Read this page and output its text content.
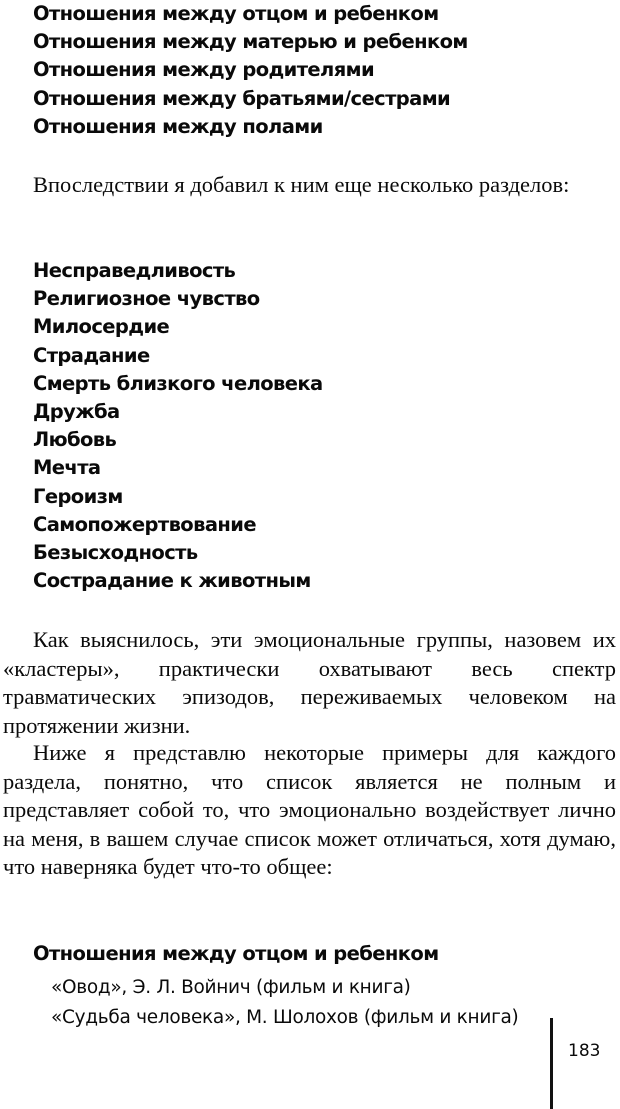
Отношения между отцом и ребенком
Отношения между матерью и ребенком
Отношения между родителями
Отношения между братьями/сестрами
Отношения между полами

Впоследствии я добавил к ним еще несколько разделов:

Несправедливость
Религиозное чувство
Милосердие
Страдание
Смерть близкого человека
Дружба
Любовь
Мечта
Героизм
Самопожертвование
Безысходность
Сострадание к животным

Как выяснилось, эти эмоциональные группы, назовем их «кластеры», практически охватывают весь спектр травматических эпизодов, переживаемых человеком на протяжении жизни.

Ниже я представлю некоторые примеры для каждого раздела, понятно, что список является не полным и представляет собой то, что эмоционально воздействует лично на меня, в вашем случае список может отличаться, хотя думаю, что наверняка будет что-то общее:

Отношения между отцом и ребенком

«Овод», Э. Л. Войнич (фильм и книга)
«Судьба человека», М. Шолохов (фильм и книга)

183
